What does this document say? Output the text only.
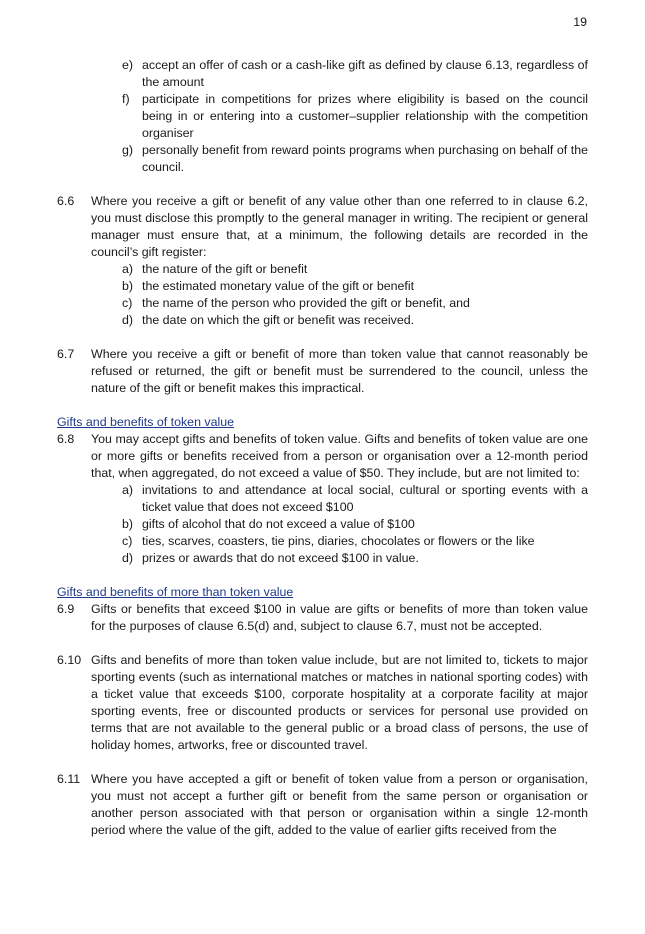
19
e) accept an offer of cash or a cash-like gift as defined by clause 6.13, regardless of the amount
f)	participate in competitions for prizes where eligibility is based on the council being in or entering into a customer–supplier relationship with the competition organiser
g) personally benefit from reward points programs when purchasing on behalf of the council.
6.6	Where you receive a gift or benefit of any value other than one referred to in clause 6.2, you must disclose this promptly to the general manager in writing. The recipient or general manager must ensure that, at a minimum, the following details are recorded in the council’s gift register:
a) the nature of the gift or benefit
b) the estimated monetary value of the gift or benefit
c) the name of the person who provided the gift or benefit, and
d) the date on which the gift or benefit was received.
6.7	Where you receive a gift or benefit of more than token value that cannot reasonably be refused or returned, the gift or benefit must be surrendered to the council, unless the nature of the gift or benefit makes this impractical.
Gifts and benefits of token value
6.8	You may accept gifts and benefits of token value. Gifts and benefits of token value are one or more gifts or benefits received from a person or organisation over a 12-month period that, when aggregated, do not exceed a value of $50. They include, but are not limited to:
a) invitations to and attendance at local social, cultural or sporting events with a ticket value that does not exceed $100
b) gifts of alcohol that do not exceed a value of $100
c) ties, scarves, coasters, tie pins, diaries, chocolates or flowers or the like
d) prizes or awards that do not exceed $100 in value.
Gifts and benefits of more than token value
6.9	Gifts or benefits that exceed $100 in value are gifts or benefits of more than token value for the purposes of clause 6.5(d) and, subject to clause 6.7, must not be accepted.
6.10 Gifts and benefits of more than token value include, but are not limited to, tickets to major sporting events (such as international matches or matches in national sporting codes) with a ticket value that exceeds $100, corporate hospitality at a corporate facility at major sporting events, free or discounted products or services for personal use provided on terms that are not available to the general public or a broad class of persons, the use of holiday homes, artworks, free or discounted travel.
6.11 Where you have accepted a gift or benefit of token value from a person or organisation, you must not accept a further gift or benefit from the same person or organisation or another person associated with that person or organisation within a single 12-month period where the value of the gift, added to the value of earlier gifts received from the
